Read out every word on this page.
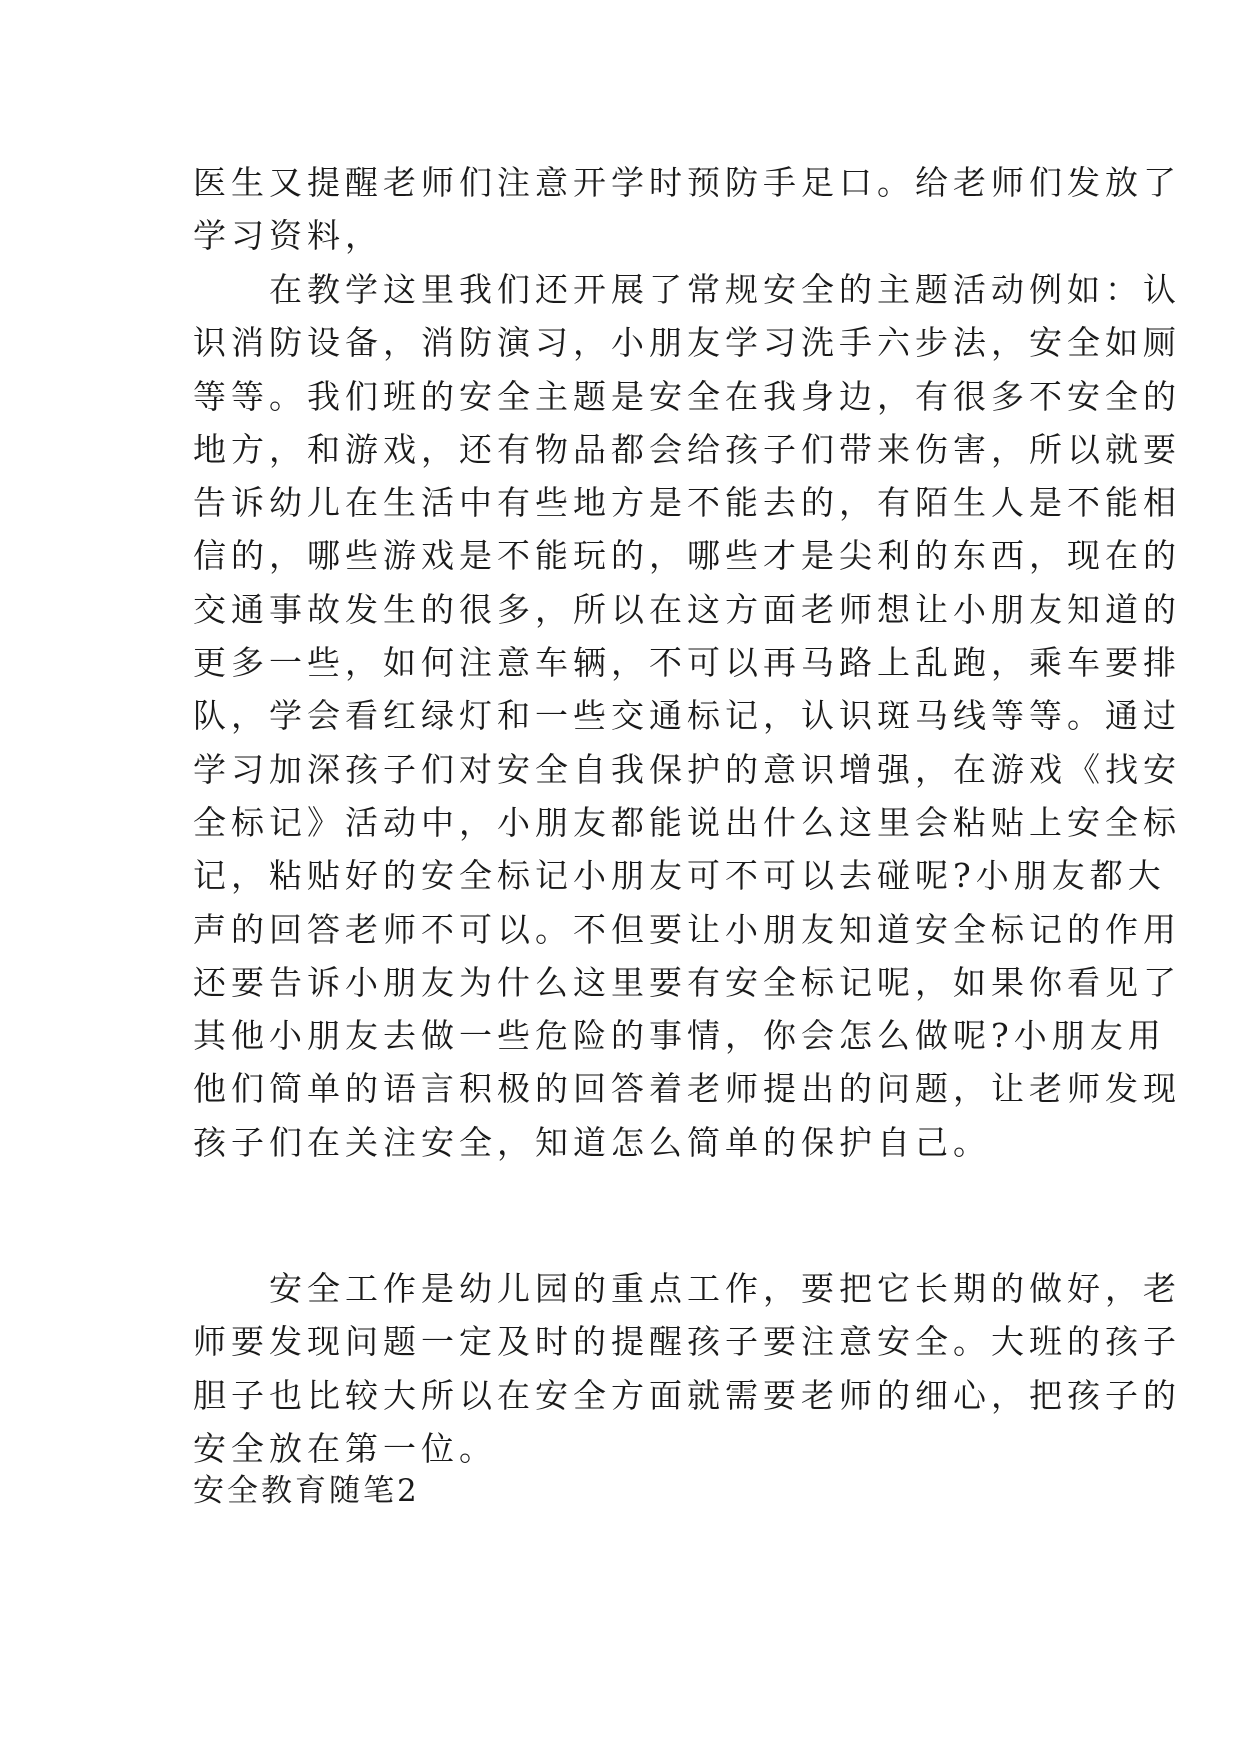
医生又提醒老师们注意开学时预防手足口。给老师们发放了
学习资料，
在教学这里我们还开展了常规安全的主题活动例如：认
识消防设备，消防演习，小朋友学习洗手六步法，安全如厕
等等。我们班的安全主题是安全在我身边，有很多不安全的
地方，和游戏，还有物品都会给孩子们带来伤害，所以就要
告诉幼儿在生活中有些地方是不能去的，有陌生人是不能相
信的，哪些游戏是不能玩的，哪些才是尖利的东西，现在的
交通事故发生的很多，所以在这方面老师想让小朋友知道的
更多一些，如何注意车辆，不可以再马路上乱跑，乘车要排
队，学会看红绿灯和一些交通标记，认识斑马线等等。通过
学习加深孩子们对安全自我保护的意识增强，在游戏《找安
全标记》活动中，小朋友都能说出什么这里会粘贴上安全标
记，粘贴好的安全标记小朋友可不可以去碰呢?小朋友都大
声的回答老师不可以。不但要让小朋友知道安全标记的作用
还要告诉小朋友为什么这里要有安全标记呢，如果你看见了
其他小朋友去做一些危险的事情，你会怎么做呢?小朋友用
他们简单的语言积极的回答着老师提出的问题，让老师发现
孩子们在关注安全，知道怎么简单的保护自己。
安全工作是幼儿园的重点工作，要把它长期的做好，老
师要发现问题一定及时的提醒孩子要注意安全。大班的孩子
胆子也比较大所以在安全方面就需要老师的细心，把孩子的
安全放在第一位。
安全教育随笔2
